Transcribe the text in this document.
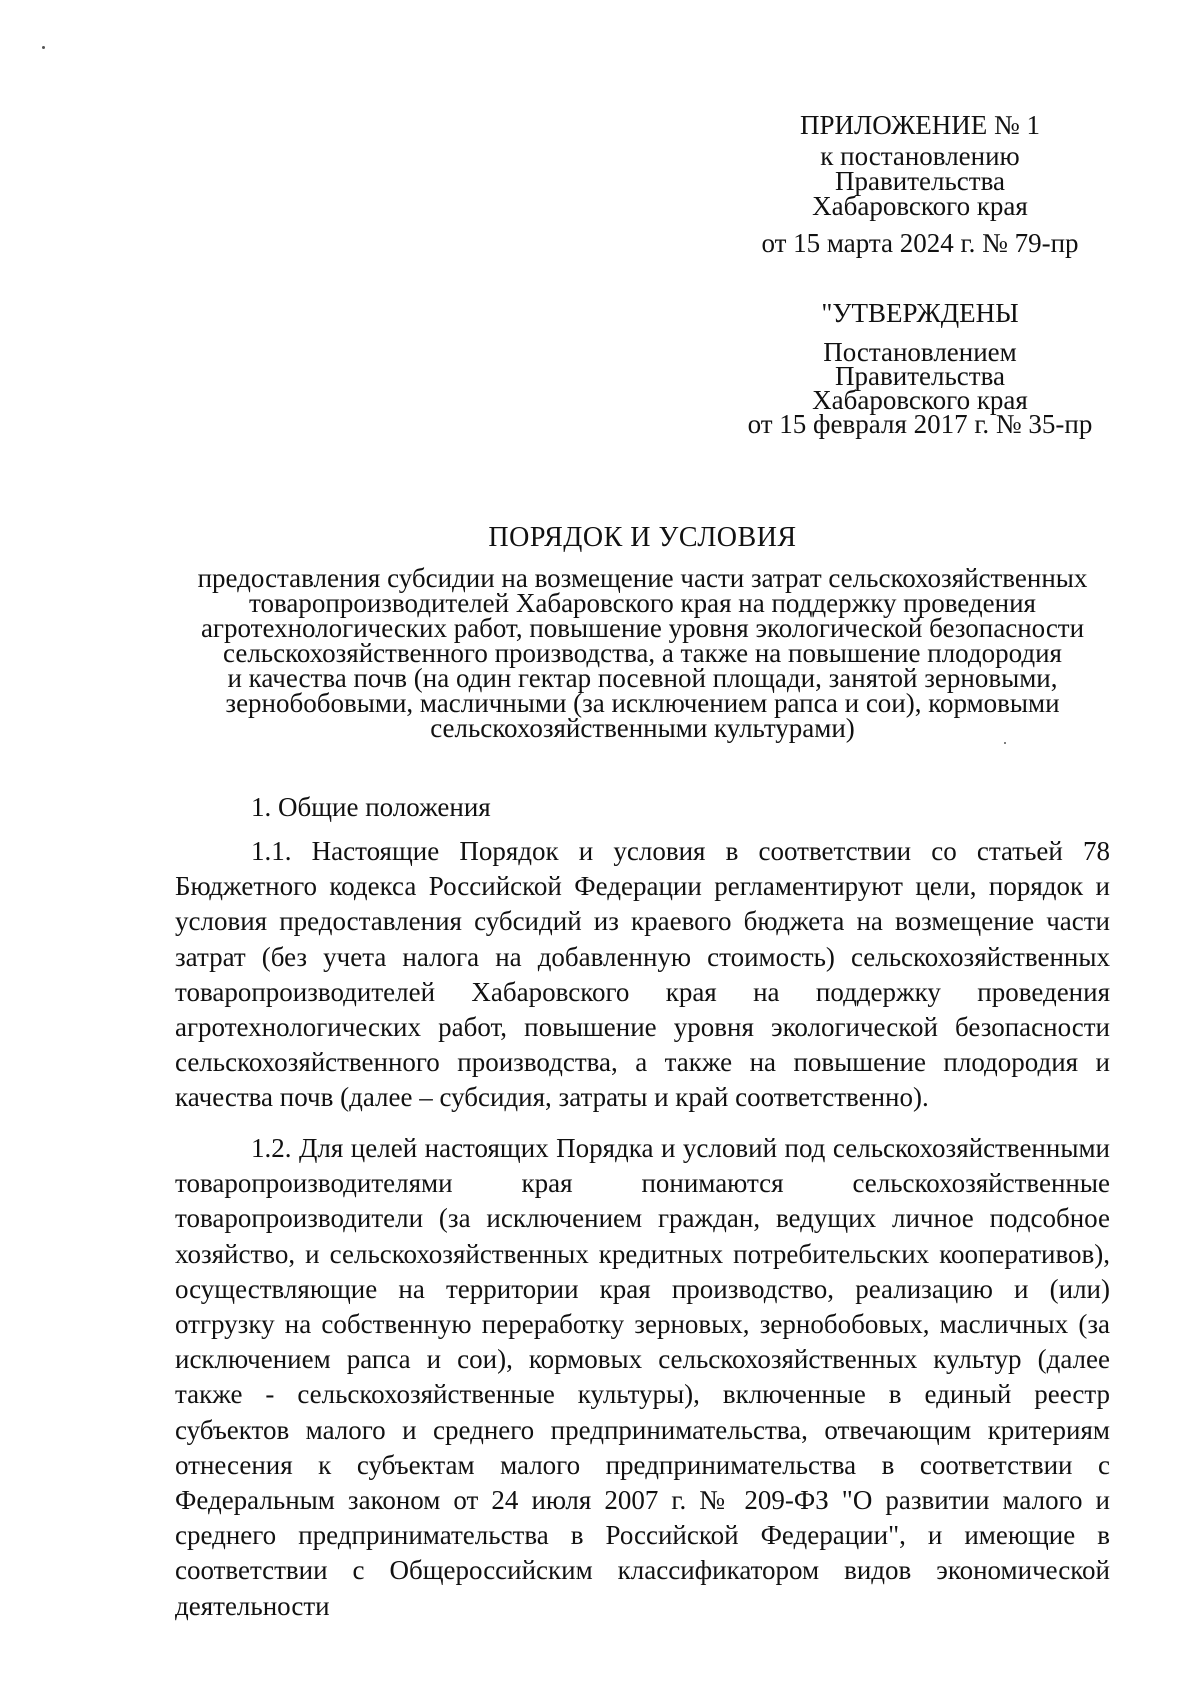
ПРИЛОЖЕНИЕ № 1
к постановлению
Правительства
Хабаровского края
от 15 марта 2024 г. № 79-пр
"УТВЕРЖДЕНЫ
Постановлением
Правительства
Хабаровского края
от 15 февраля 2017 г. № 35-пр
ПОРЯДОК И УСЛОВИЯ
предоставления субсидии на возмещение части затрат сельскохозяйственных
товаропроизводителей Хабаровского края на поддержку проведения
агротехнологических работ, повышение уровня экологической безопасности
сельскохозяйственного производства, а также на повышение плодородия
и качества почв (на один гектар посевной площади, занятой зерновыми,
зернобобовыми, масличными (за исключением рапса и сои), кормовыми
сельскохозяйственными культурами)
1. Общие положения

1.1. Настоящие Порядок и условия в соответствии со статьей 78 Бюджетного кодекса Российской Федерации регламентируют цели, порядок и условия предоставления субсидий из краевого бюджета на возмещение части затрат (без учета налога на добавленную стоимость) сельскохозяйственных товаропроизводителей Хабаровского края на поддержку проведения агротехнологических работ, повышение уровня экологической безопасности сельскохозяйственного производства, а также на повышение плодородия и качества почв (далее – субсидия, затраты и край соответственно).

1.2. Для целей настоящих Порядка и условий под сельскохозяйственными товаропроизводителями края понимаются сельскохозяйственные товаропроизводители (за исключением граждан, ведущих личное подсобное хозяйство, и сельскохозяйственных кредитных потребительских кооперативов), осуществляющие на территории края производство, реализацию и (или) отгрузку на собственную переработку зерновых, зернобобовых, масличных (за исключением рапса и сои), кормовых сельскохозяйственных культур (далее также - сельскохозяйственные культуры), включенные в единый реестр субъектов малого и среднего предпринимательства, отвечающим критериям отнесения к субъектам малого предпринимательства в соответствии с Федеральным законом от 24 июля 2007 г. № 209-ФЗ "О развитии малого и среднего предпринимательства в Российской Федерации", и имеющие в соответствии с Общероссийским классификатором видов экономической деятельности
